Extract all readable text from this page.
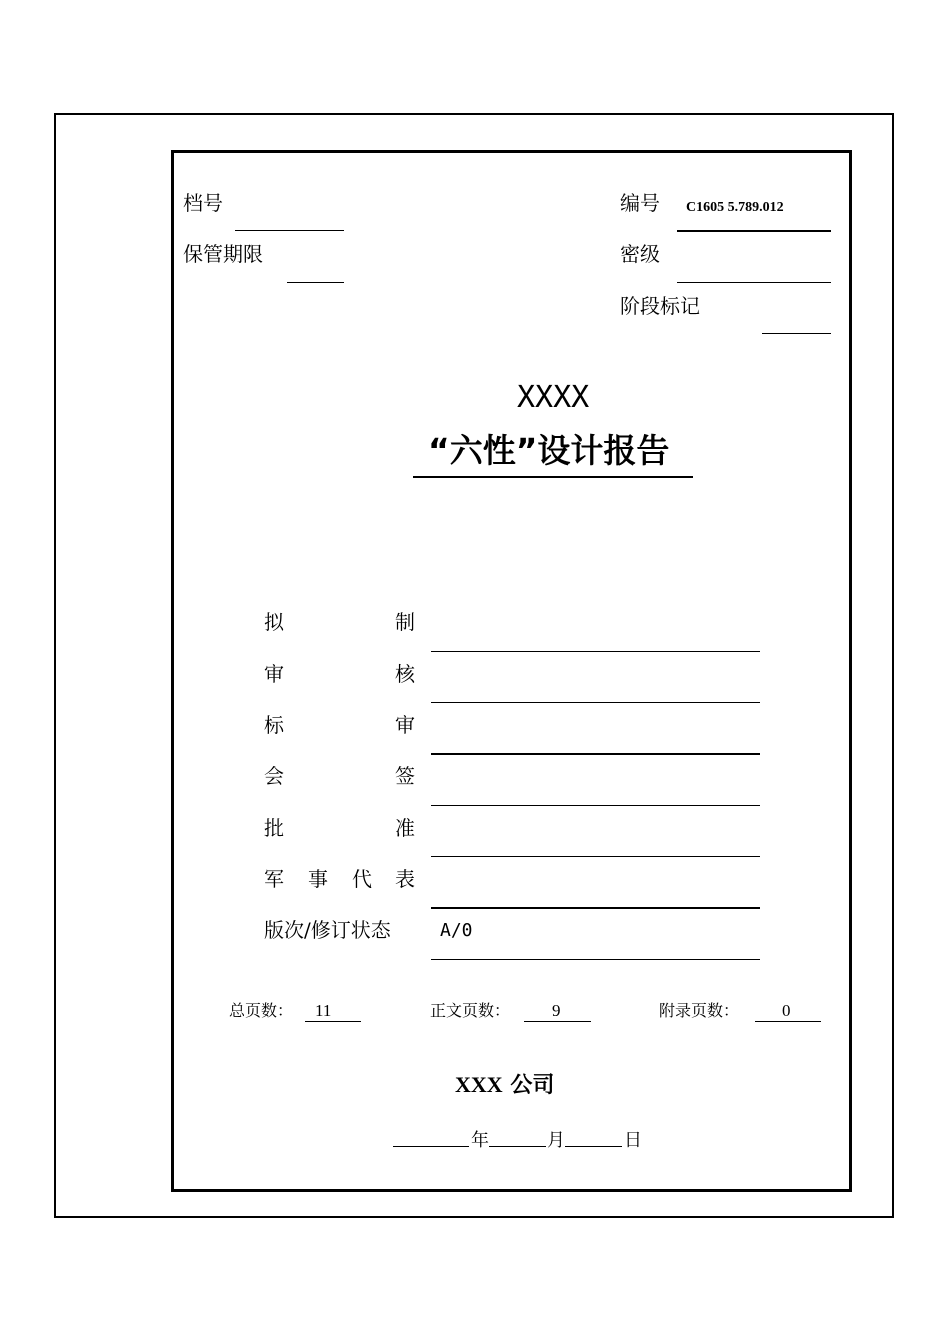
档号
保管期限
编号 C1605 5.789.012
密级
阶段标记
XXXX
“六性”设计报告
拟	制
审	核
标	审
会	签
批	准
军 事 代 表
版次/修订状态	A/0
总页数： 11	正文页数： 9	附录页数：	0
XXX 公司
年	月	日
